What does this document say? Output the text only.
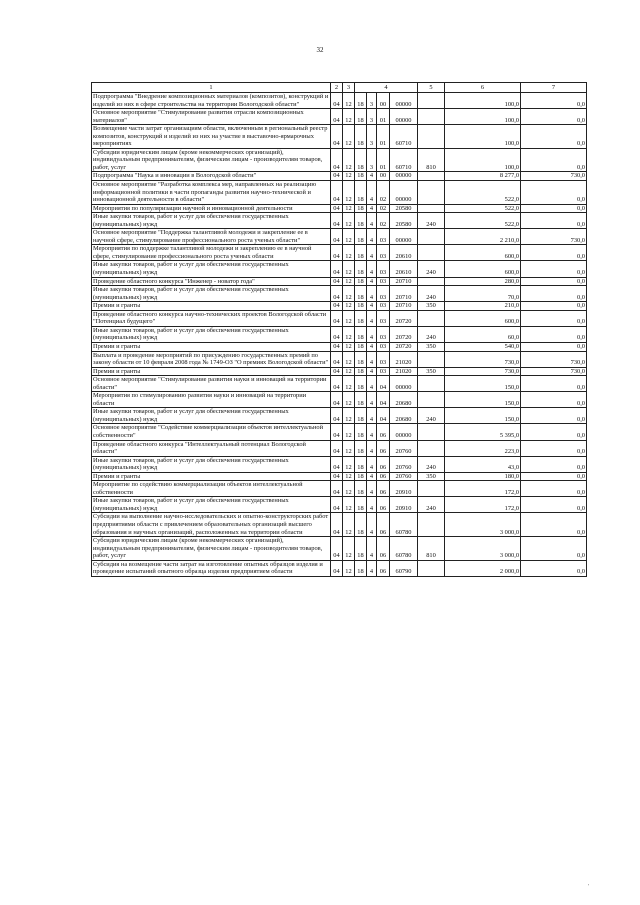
32
1	2	3	4				5	6	7
Подпрограмма "Внедрение композиционных материалов (композитов), конструкций и изделий из них в сфере строительства на территории Вологодской области"	04	12	18	3	00	00000		100,0	0,0
Основное мероприятие "Стимулирование развития отрасли композиционных материалов"	04	12	18	3	01	00000		100,0	0,0
Возмещение части затрат организациям области, включенным в региональный реестр композитов, конструкций и изделий из них на участие в выставочно-ярмарочных мероприятиях	04	12	18	3	01	60710		100,0	0,0
Субсидии юридическим лицам (кроме некоммерческих организаций), индивидуальным предпринимателям, физическим лицам - производителям товаров, работ, услуг	04	12	18	3	01	60710	810	100,0	0,0
Подпрограмма "Наука и инновации в Вологодской области"	04	12	18	4	00	00000		8 277,0	730,0
Основное мероприятие "Разработка комплекса мер, направленных на реализацию информационной политики в части пропаганды развития научно-технической и инновационной деятельности в области"	04	12	18	4	02	00000		522,0	0,0
Мероприятия по популяризации научной и инновационной деятельности	04	12	18	4	02	20580		522,0	0,0
Иные закупки товаров, работ и услуг для обеспечения государственных (муниципальных) нужд	04	12	18	4	02	20580	240	522,0	0,0
Основное мероприятие "Поддержка талантливой молодежи и закрепление ее в научной сфере, стимулирование профессионального роста ученых области"	04	12	18	4	03	00000		2 210,0	730,0
Мероприятия по поддержке талантливой молодежи и закреплению ее в научной сфере, стимулирование профессионального роста ученых области	04	12	18	4	03	20610		600,0	0,0
Иные закупки товаров, работ и услуг для обеспечения государственных (муниципальных) нужд	04	12	18	4	03	20610	240	600,0	0,0
Проведение областного конкурса "Инженер - новатор года"	04	12	18	4	03	20710		280,0	0,0
Иные закупки товаров, работ и услуг для обеспечения государственных (муниципальных) нужд	04	12	18	4	03	20710	240	70,0	0,0
Премии и гранты	04	12	18	4	03	20710	350	210,0	0,0
Проведение областного конкурса научно-технических проектов Вологодской области "Потенциал будущего"	04	12	18	4	03	20720		600,0	0,0
Иные закупки товаров, работ и услуг для обеспечения государственных (муниципальных) нужд	04	12	18	4	03	20720	240	60,0	0,0
Премии и гранты	04	12	18	4	03	20720	350	540,0	0,0
Выплата и проведение мероприятий по присуждению государственных премий по закону области от 10 февраля 2008 года № 1749-ОЗ "О премиях Вологодской области"	04	12	18	4	03	21020		730,0	730,0
Премии и гранты	04	12	18	4	03	21020	350	730,0	730,0
Основное мероприятие "Стимулирование развития науки и инноваций на территории области"	04	12	18	4	04	00000		150,0	0,0
Мероприятия по стимулированию развития науки и инноваций на территории области	04	12	18	4	04	20680		150,0	0,0
Иные закупки товаров, работ и услуг для обеспечения государственных (муниципальных) нужд	04	12	18	4	04	20680	240	150,0	0,0
Основное мероприятие "Содействие коммерциализации объектов интеллектуальной собственности"	04	12	18	4	06	00000		5 395,0	0,0
Проведение областного конкурса "Интеллектуальный потенциал Вологодской области"	04	12	18	4	06	20760		223,0	0,0
Иные закупки товаров, работ и услуг для обеспечения государственных (муниципальных) нужд	04	12	18	4	06	20760	240	43,0	0,0
Премии и гранты	04	12	18	4	06	20760	350	180,0	0,0
Мероприятие по содействию коммерциализации объектов интеллектуальной собственности	04	12	18	4	06	20910		172,0	0,0
Иные закупки товаров, работ и услуг для обеспечения государственных (муниципальных) нужд	04	12	18	4	06	20910	240	172,0	0,0
Субсидии на выполнение научно-исследовательских и опытно-конструкторских работ предприятиями области с привлечением образовательных организаций высшего образования и научных организаций, расположенных на территории области	04	12	18	4	06	60780		3 000,0	0,0
Субсидии юридическим лицам (кроме некоммерческих организаций), индивидуальным предпринимателям, физическим лицам - производителям товаров, работ, услуг	04	12	18	4	06	60780	810	3 000,0	0,0
Субсидия на возмещение части затрат на изготовление опытных образцов изделия и проведение испытаний опытного образца изделия предприятием области	04	12	18	4	06	60790		2 000,0	0,0
'
